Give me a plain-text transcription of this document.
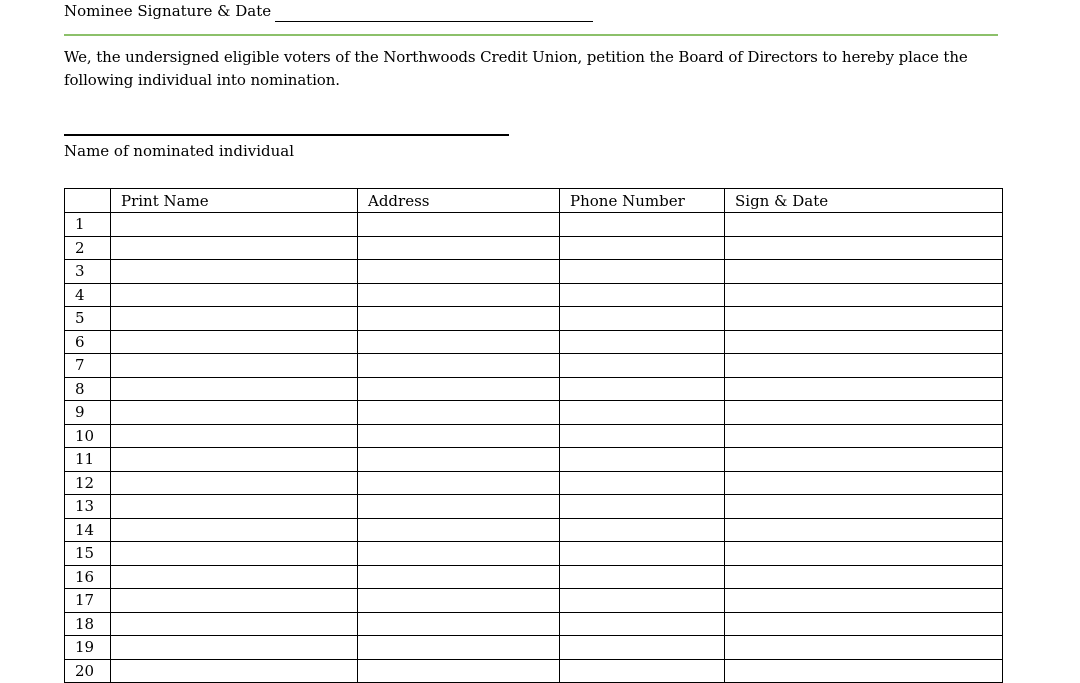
Nominee Signature & Date
We, the undersigned eligible voters of the Northwoods Credit Union, petition the Board of Directors to hereby place the following individual into nomination.
Name of nominated individual
	Print Name	Address	Phone Number	Sign & Date
1				
2				
3				
4				
5				
6				
7				
8				
9				
10				
11				
12				
13				
14				
15				
16				
17				
18				
19				
20				
